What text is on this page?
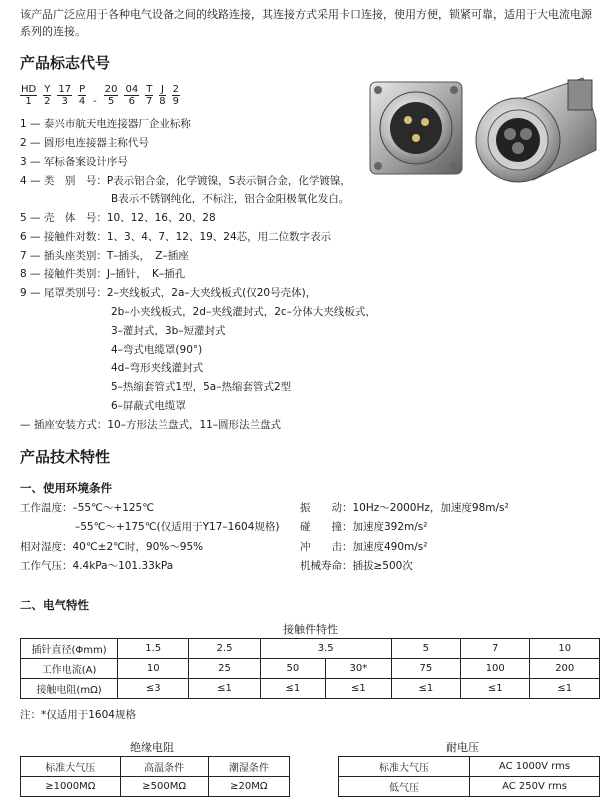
该产品广泛应用于各种电气设备之间的线路连接，其连接方式采用卡口连接，使用方便，锁紧可靠，适用于大电流电源系列的连接。
产品标志代号
$\frac{HD}{1} \frac{Y}{2} \frac{17}{3} \frac{P}{4} - \frac{20}{5} \frac{04}{6} \frac{T}{7} \frac{J}{8} \frac{2}{9}$
1 — 泰兴市航天电连接器厂企业标称
2 — 圆形电连接器主称代号
3 — 军标备案设计序号
4 — 类　别　号：P表示铝合金，化学镀镍，S表示铜合金，化学镀镍，
B表示不锈钢纯化，不标注，铝合金阳极氧化发白。
5 — 壳　体　号：10、12、16、20、28
6 — 接触件对数：1、3、4、7、12、19、24芯，用二位数字表示
7 — 插头座类别：T–插头，　Z–插座
8 — 接触件类别：J–插针，　K–插孔
9 — 尾罩类别号：2–夹线板式，2a–大夹线板式(仅20号壳体)，
2b–小夹线板式，2d–夹线灌封式，2c–分体大夹线板式，
3–灌封式，3b–短灌封式
4–弯式电缆罩(90°)
4d–弯形夹线灌封式
5–热缩套管式1型，5a–热缩套管式2型
6–屏蔽式电缆罩
— 插座安装方式：10–方形法兰盘式，11–圆形法兰盘式
产品技术特性
一、使用环境条件
工作温度：–55℃～+125℃
–55℃～+175℃(仅适用于Y17–1604规格)
相对湿度：40℃±2℃时，90%～95%
工作气压：4.4kPa～101.33kPa
振　　动：10Hz～2000Hz，加速度98m/s²
碰　　撞：加速度392m/s²
冲　　击：加速度490m/s²
机械寿命：插拔≥500次
二、电气特性
接触件特性
插针直径(Φmm)	1.5	2.5	3.5		5	7	10
工作电流(A)	10	25	50	30*	75	100	200
接触电阻(mΩ)	≤3	≤1	≤1	≤1	≤1	≤1	≤1
注：*仅适用于1604规格
绝缘电阻
标准大气压	高温条件	潮湿条件
≥1000MΩ	≥500MΩ	≥20MΩ
耐电压
标准大气压	AC 1000V rms
低气压	AC 250V rms
